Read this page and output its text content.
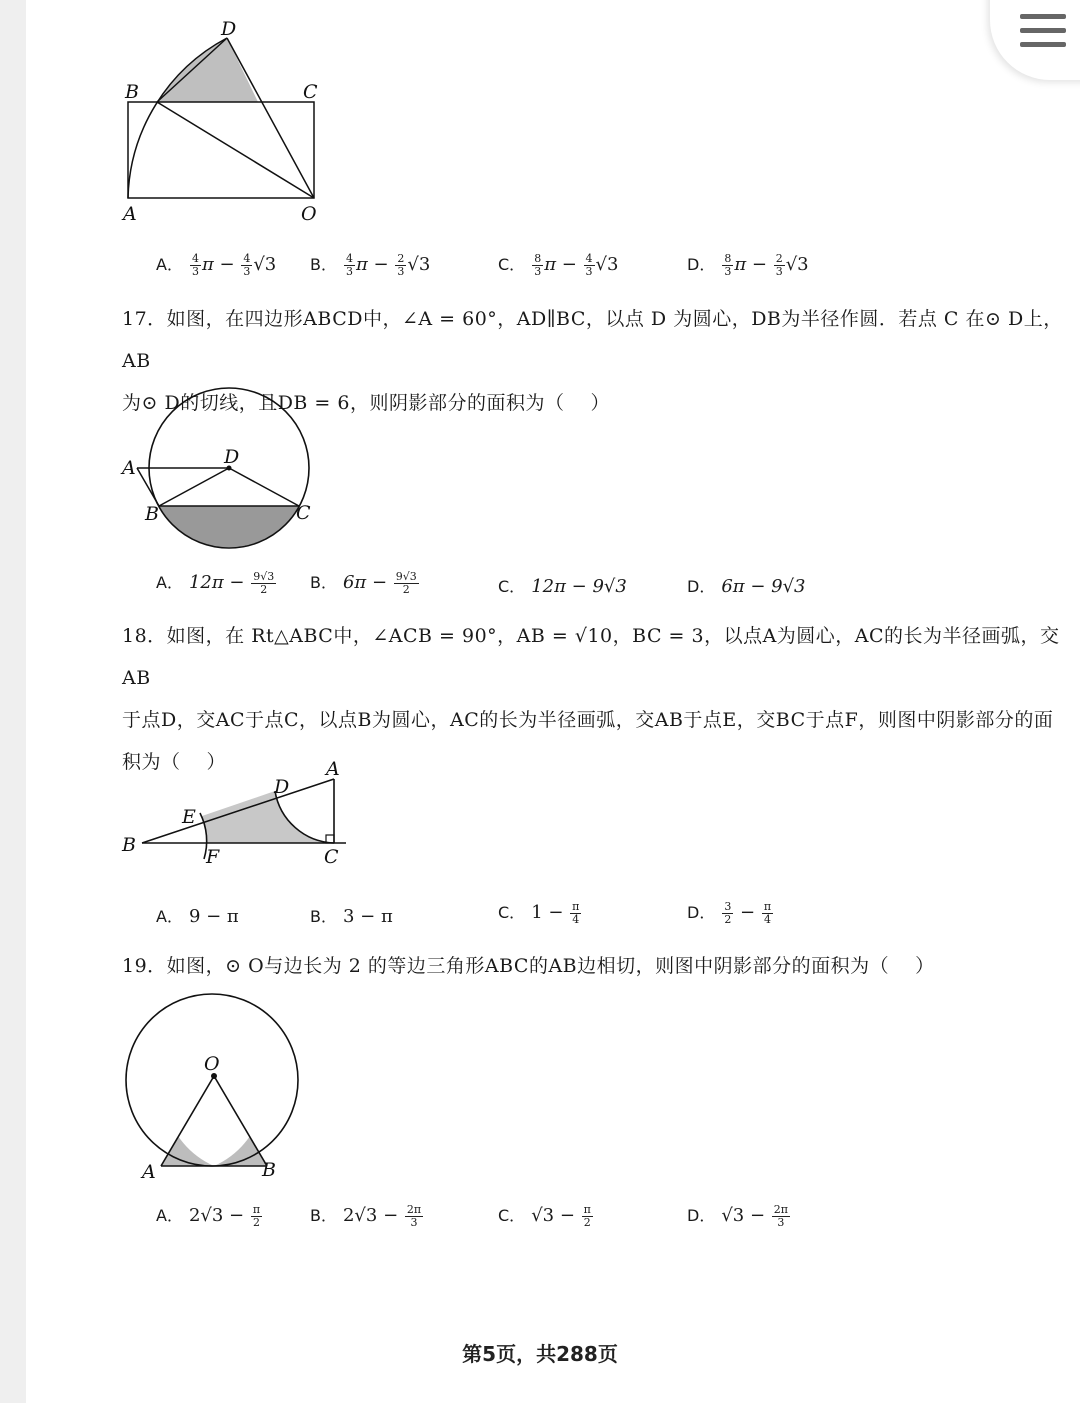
D
B	C
A	O
A． $\frac{4}{3}$ $\pi - \frac{4}{3} √3$ B． $\frac{4}{3}$ $\pi - \frac{2}{3} √3$	C． $\frac{8}{3}$ $\pi - \frac{4}{3} √3$	D． $\frac{8}{3}$ $\pi - \frac{2}{3} √3$
17．如图，在四边形ABCD中，∠A = 60°，AD∥BC，以点 D 为圆心，DB为半径作圆．若点 C 在⊙ D上，AB
为⊙ D的切线，且DB = 6，则阴影部分的面积为（　 ）
A	D
B	C
A． $12\pi - \frac{9√3}{2}$ B． $6\pi - \frac{9√3}{2}$	C． 12π − 9√3	D． 6π − 9√3
18．如图，在 Rt△ABC中，∠ACB = 90°，AB = √10，BC = 3，以点A为圆心，AC的长为半径画弧，交AB
于点D，交AC于点C，以点B为圆心，AC的长为半径画弧，交AB于点E，交BC于点F，则图中阴影部分的面
积为（　 ）	A
D
E
B
F	C
A． 9 − π	B． 3 − π	C． $1 - \frac{\pi}{4}$	D． $\frac{3}{2} - \frac{\pi}{4}$
19．如图，⊙ O与边长为 2 的等边三角形ABC的AB边相切，则图中阴影部分的面积为（　 ）
O
A	B
A． $2√3 - \frac{\pi}{2}$	B． $2√3 - \frac{2\pi}{3}$	C． $√3 - \frac{\pi}{2}$	D． $√3 - \frac{2\pi}{3}$
第5页，共288页
